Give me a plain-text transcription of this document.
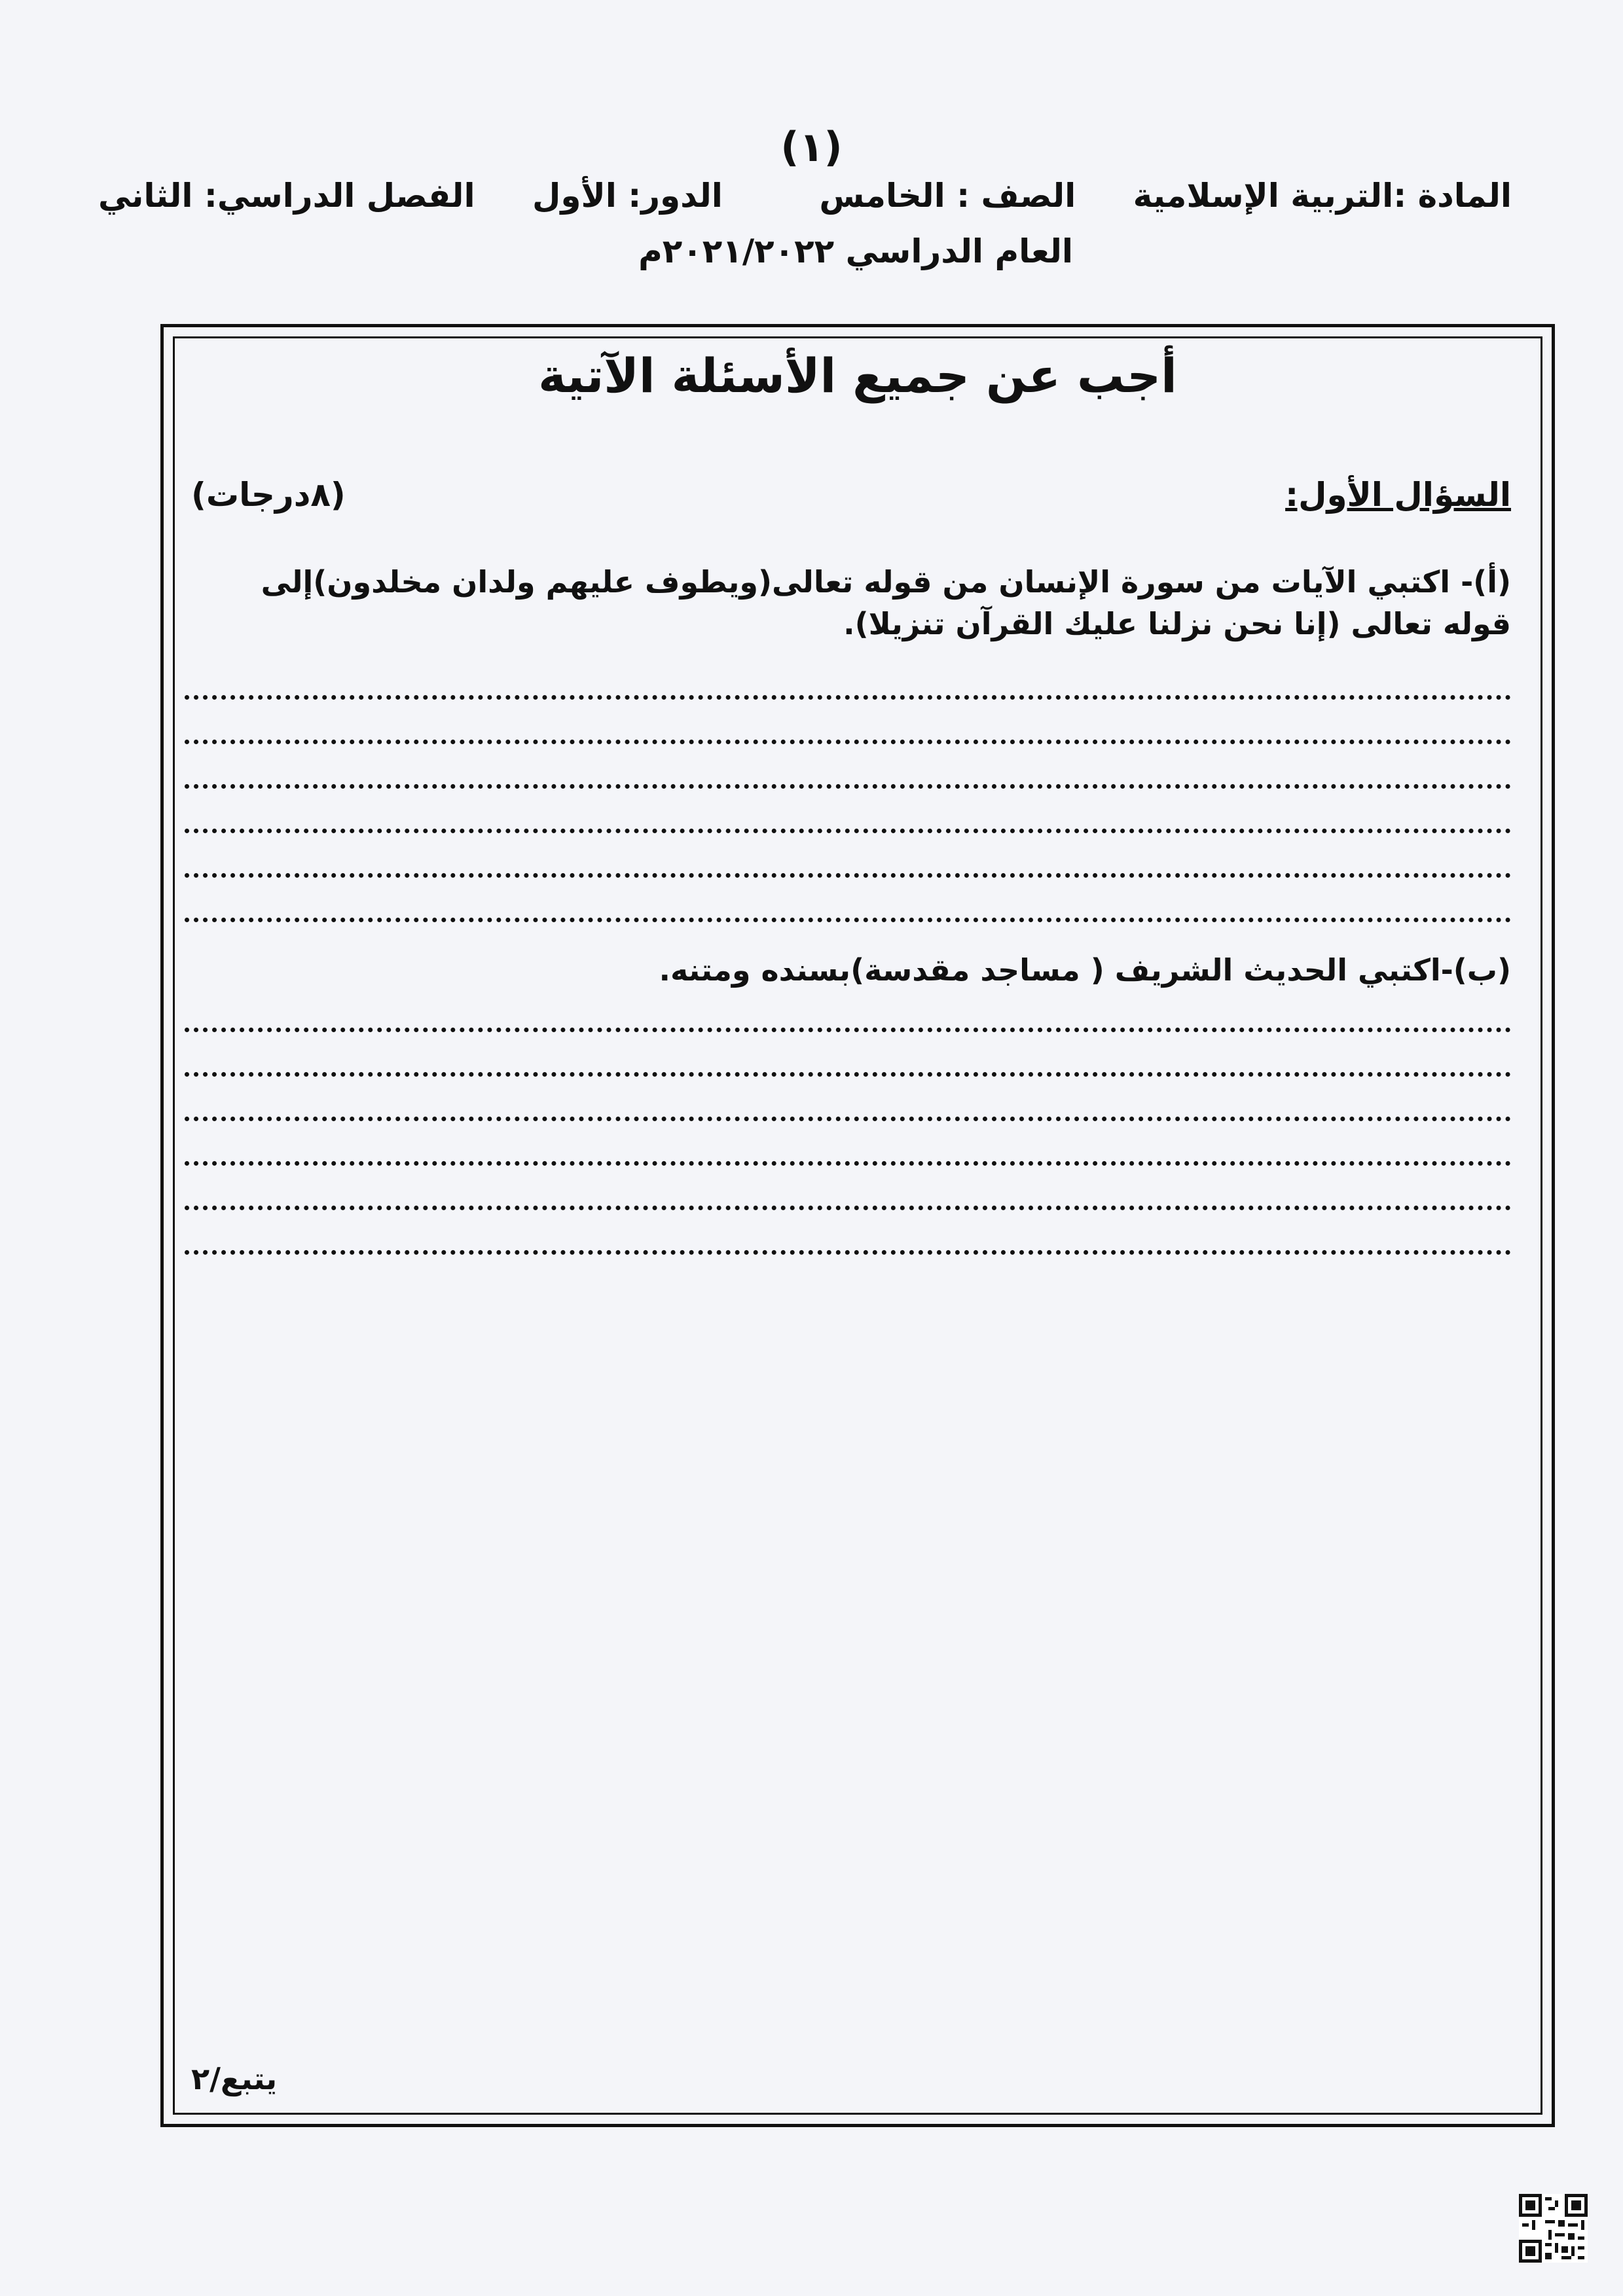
(١)
المادة :التربية الإسلامية الصف : الخامس الدور: الأول الفصل الدراسي: الثاني
العام الدراسي ٢٠٢١/٢٠٢٢م
أجب عن جميع الأسئلة الآتية
السؤال الأول:
(٨درجات)
(أ)- اكتبي الآيات من سورة الإنسان من قوله تعالى(ويطوف عليهم ولدان مخلدون)إلى قوله تعالى (إنا نحن نزلنا عليك القرآن تنزيلا).
(ب)-اكتبي الحديث الشريف ( مساجد مقدسة)بسنده ومتنه.
يتبع/٢
